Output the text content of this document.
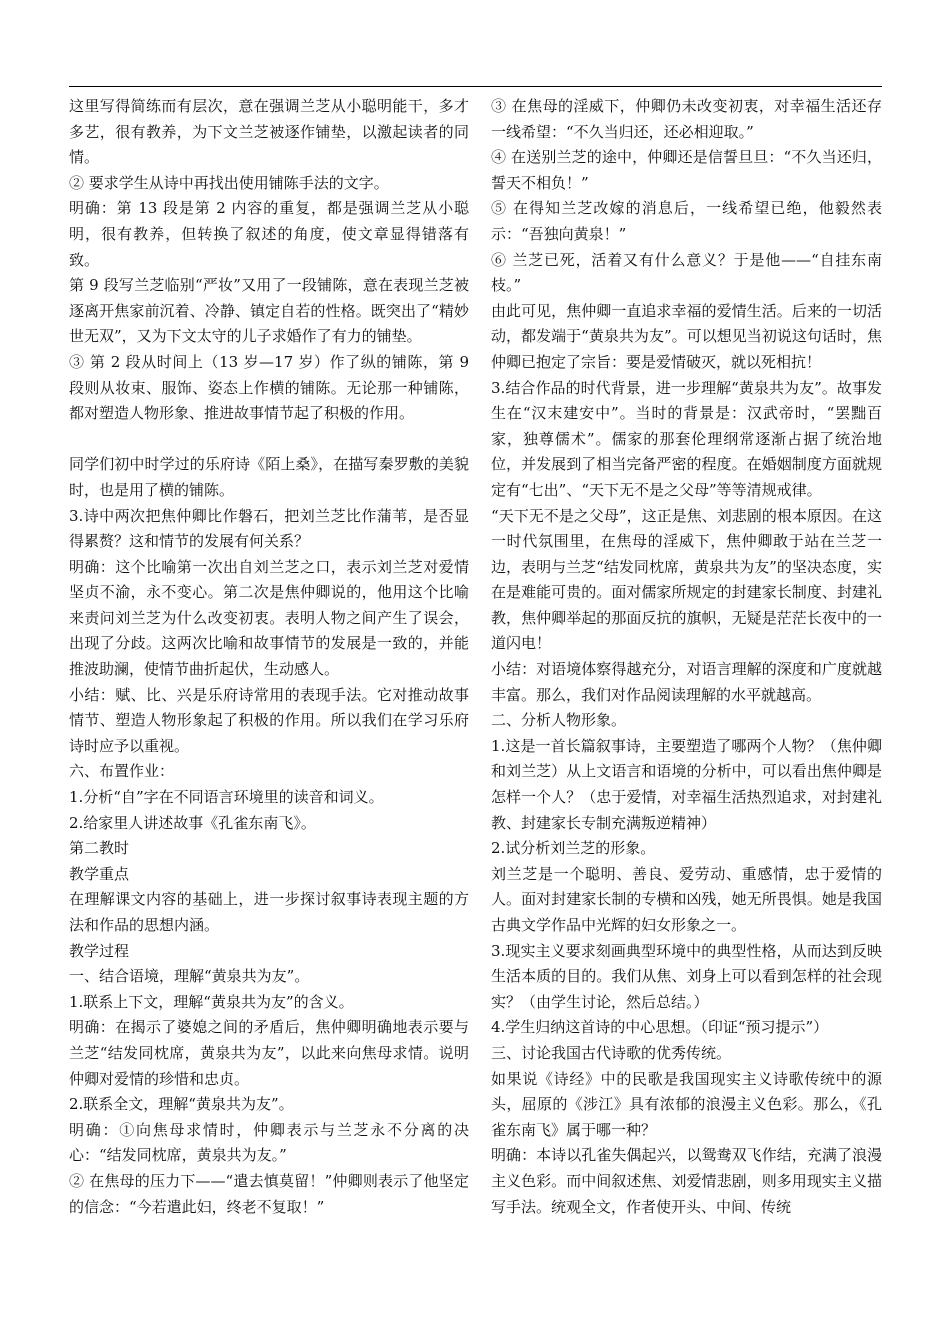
这里写得简练而有层次，意在强调兰芝从小聪明能干，多才多艺，很有教养，为下文兰芝被逐作铺垫，以激起读者的同情。

② 要求学生从诗中再找出使用铺陈手法的文字。

明确：第 13 段是第 2 内容的重复，都是强调兰芝从小聪明，很有教养，但转换了叙述的角度，使文章显得错落有致。

第 9 段写兰芝临别“严妆”又用了一段铺陈，意在表现兰芝被逐离开焦家前沉着、冷静、镇定自若的性格。既突出了“精妙世无双”，又为下文太守的儿子求婚作了有力的铺垫。

③ 第 2 段从时间上（13 岁—17 岁）作了纵的铺陈，第 9 段则从妆束、服饰、姿态上作横的铺陈。无论那一种铺陈，都对塑造人物形象、推进故事情节起了积极的作用。

同学们初中时学过的乐府诗《陌上桑》，在描写秦罗敷的美貌时，也是用了横的铺陈。

3.诗中两次把焦仲卿比作磐石，把刘兰芝比作蒲苇，是否显得累赘？这和情节的发展有何关系？

明确：这个比喻第一次出自刘兰芝之口，表示刘兰芝对爱情坚贞不渝，永不变心。第二次是焦仲卿说的，他用这个比喻来责问刘兰芝为什么改变初衷。表明人物之间产生了误会，出现了分歧。这两次比喻和故事情节的发展是一致的，并能推波助澜，使情节曲折起伏，生动感人。

小结：赋、比、兴是乐府诗常用的表现手法。它对推动故事情节、塑造人物形象起了积极的作用。所以我们在学习乐府诗时应予以重视。

六、布置作业：

1.分析“自”字在不同语言环境里的读音和词义。

2.给家里人讲述故事《孔雀东南飞》。

第二教时

教学重点

在理解课文内容的基础上，进一步探讨叙事诗表现主题的方法和作品的思想内涵。

教学过程

一、结合语境，理解“黄泉共为友”。

1.联系上下文，理解“黄泉共为友”的含义。

明确：在揭示了婆媳之间的矛盾后，焦仲卿明确地表示要与兰芝“结发同枕席，黄泉共为友”，以此来向焦母求情。说明仲卿对爱情的珍惜和忠贞。

2.联系全文，理解“黄泉共为友”。

明确：①向焦母求情时，仲卿表示与兰芝永不分离的决心：“结发同枕席，黄泉共为友。”

② 在焦母的压力下——“遣去慎莫留！”仲卿则表示了他坚定的信念：“今若遣此妇，终老不复取！”

③ 在焦母的淫威下，仲卿仍未改变初衷，对幸福生活还存一线希望：“不久当归还，还必相迎取。”

④ 在送别兰芝的途中，仲卿还是信誓旦旦：“不久当还归，誓天不相负！”

⑤ 在得知兰芝改嫁的消息后，一线希望已绝，他毅然表示：“吾独向黄泉！”

⑥ 兰芝已死，活着又有什么意义？于是他——“自挂东南枝。”

由此可见，焦仲卿一直追求幸福的爱情生活。后来的一切活动，都发端于“黄泉共为友”。可以想见当初说这句话时，焦仲卿已抱定了宗旨：要是爱情破灭，就以死相抗！

3.结合作品的时代背景，进一步理解“黄泉共为友”。故事发生在“汉末建安中”。当时的背景是：汉武帝时，“罢黜百家，独尊儒术”。儒家的那套伦理纲常逐渐占据了统治地位，并发展到了相当完备严密的程度。在婚姻制度方面就规定有“七出”、“天下无不是之父母”等等清规戒律。

“天下无不是之父母”，这正是焦、刘悲剧的根本原因。在这一时代氛围里，在焦母的淫威下，焦仲卿敢于站在兰芝一边，表明与兰芝“结发同枕席，黄泉共为友”的坚决态度，实在是难能可贵的。面对儒家所规定的封建家长制度、封建礼教，焦仲卿举起的那面反抗的旗帜，无疑是茫茫长夜中的一道闪电！

小结：对语境体察得越充分，对语言理解的深度和广度就越丰富。那么，我们对作品阅读理解的水平就越高。

二、分析人物形象。

1.这是一首长篇叙事诗，主要塑造了哪两个人物？（焦仲卿和刘兰芝）从上文语言和语境的分析中，可以看出焦仲卿是怎样一个人？（忠于爱情，对幸福生活热烈追求，对封建礼教、封建家长专制充满叛逆精神）

2.试分析刘兰芝的形象。

刘兰芝是一个聪明、善良、爱劳动、重感情，忠于爱情的人。面对封建家长制的专横和凶残，她无所畏惧。她是我国古典文学作品中光辉的妇女形象之一。

3.现实主义要求刻画典型环境中的典型性格，从而达到反映生活本质的目的。我们从焦、刘身上可以看到怎样的社会现实？（由学生讨论，然后总结。）

4.学生归纳这首诗的中心思想。（印证“预习提示”）

三、讨论我国古代诗歌的优秀传统。

如果说《诗经》中的民歌是我国现实主义诗歌传统中的源头，屈原的《涉江》具有浓郁的浪漫主义色彩。那么，《孔雀东南飞》属于哪一种？

明确：本诗以孔雀失偶起兴，以鸳鸯双飞作结，充满了浪漫主义色彩。而中间叙述焦、刘爱情悲剧，则多用现实主义描写手法。统观全文，作者使开头、中间、传统
